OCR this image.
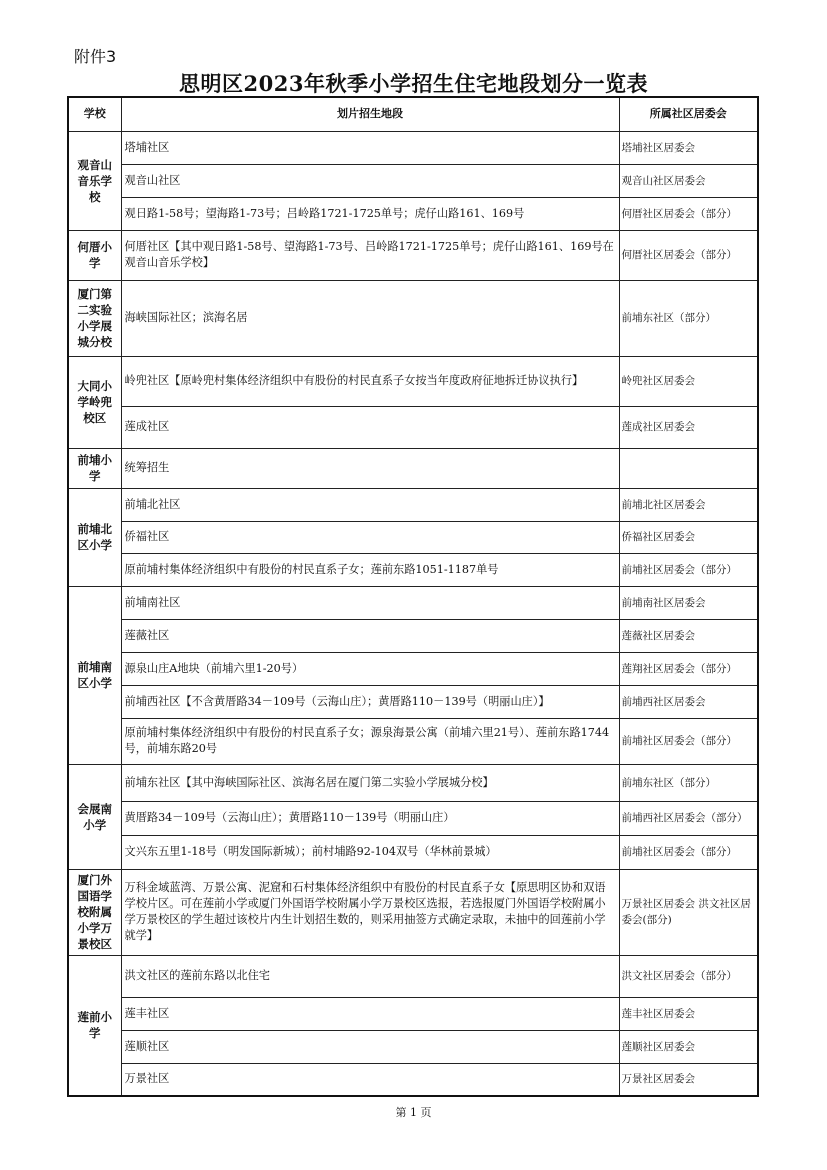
附件3
思明区2023年秋季小学招生住宅地段划分一览表
学校	划片招生地段	所属社区居委会
观音山音乐学校	塔埔社区	塔埔社区居委会
	观音山社区	观音山社区居委会
	观日路1-58号；望海路1-73号；吕岭路1721-1725单号；虎仔山路161、169号	何厝社区居委会（部分）
何厝小学	何厝社区【其中观日路1-58号、望海路1-73号、吕岭路1721-1725单号；虎仔山路161、169号在观音山音乐学校】	何厝社区居委会（部分）
厦门第二实验小学展城分校	海峡国际社区；滨海名居	前埔东社区（部分）
大同小学岭兜校区	岭兜社区【原岭兜村集体经济组织中有股份的村民直系子女按当年度政府征地拆迁协议执行】	岭兜社区居委会
	莲成社区	莲成社区居委会
前埔小学	统筹招生	
前埔北区小学	前埔北社区	前埔北社区居委会
	侨福社区	侨福社区居委会
	原前埔村集体经济组织中有股份的村民直系子女；莲前东路1051-1187单号	前埔社区居委会（部分）
前埔南区小学	前埔南社区	前埔南社区居委会
	莲薇社区	莲薇社区居委会
	源泉山庄A地块（前埔六里1-20号）	莲翔社区居委会（部分）
	前埔西社区【不含黄厝路34－109号（云海山庄）；黄厝路110－139号（明丽山庄）】	前埔西社区居委会
	原前埔村集体经济组织中有股份的村民直系子女；源泉海景公寓（前埔六里21号）、莲前东路1744号，前埔东路20号	前埔社区居委会（部分）
会展南小学	前埔东社区【其中海峡国际社区、滨海名居在厦门第二实验小学展城分校】	前埔东社区（部分）
	黄厝路34－109号（云海山庄）；黄厝路110－139号（明丽山庄）	前埔西社区居委会（部分）
	文兴东五里1-18号（明发国际新城）；前村埔路92-104双号（华林前景城）	前埔社区居委会（部分）
厦门外国语学校附属小学万景校区	万科金域蓝湾、万景公寓、泥窟和石村集体经济组织中有股份的村民直系子女【原思明区协和双语学校片区。可在莲前小学或厦门外国语学校附属小学万景校区选报，若选报厦门外国语学校附属小学万景校区的学生超过该校片内生计划招生数的，则采用抽签方式确定录取，未抽中的回莲前小学就学】	万景社区居委会 洪文社区居委会(部分)
莲前小学	洪文社区的莲前东路以北住宅	洪文社区居委会（部分）
	莲丰社区	莲丰社区居委会
	莲顺社区	莲顺社区居委会
	万景社区	万景社区居委会
第 1 页
